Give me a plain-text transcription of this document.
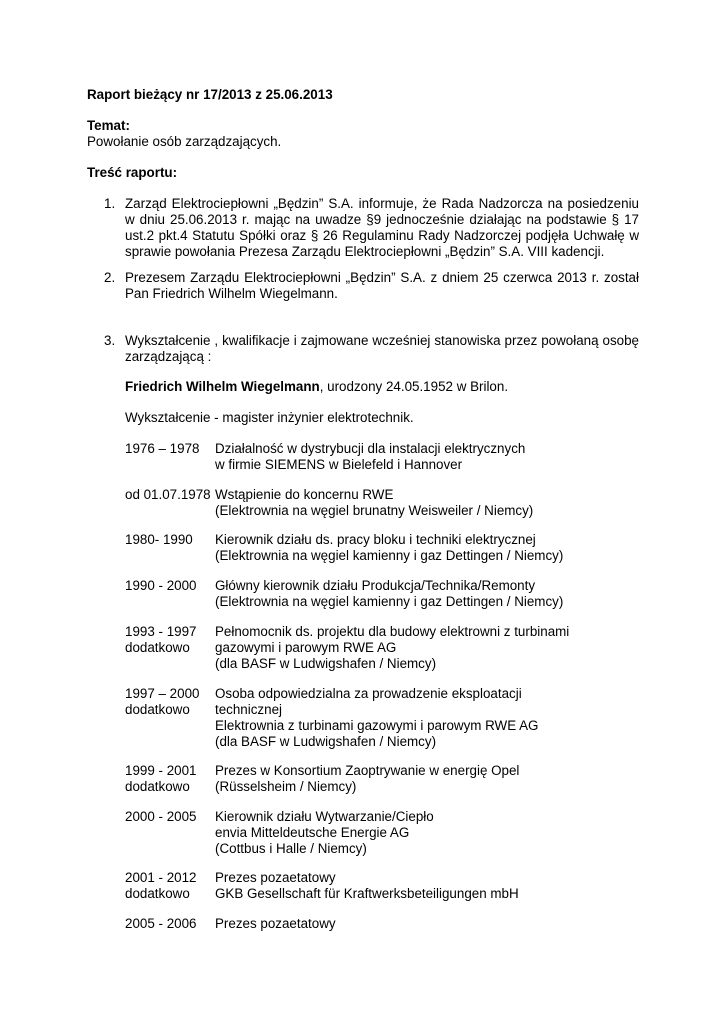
Raport bieżący nr 17/2013 z 25.06.2013
Temat:
Powołanie osób zarządzających.
Treść raportu:
1. Zarząd Elektrociepłowni „Będzin” S.A. informuje, że Rada Nadzorcza na posiedzeniu
w dniu 25.06.2013 r. mając na uwadze §9 jednocześnie działając na podstawie § 17
ust.2 pkt.4 Statutu Spółki oraz § 26 Regulaminu Rady Nadzorczej podjęła Uchwałę w
sprawie powołania Prezesa Zarządu Elektrociepłowni „Będzin” S.A. VIII kadencji.
2. Prezesem Zarządu Elektrociepłowni „Będzin” S.A. z dniem 25 czerwca 2013 r. został
Pan Friedrich Wilhelm Wiegelmann.
3. Wykształcenie , kwalifikacje i zajmowane wcześniej stanowiska przez powołaną osobę
zarządzającą :
Friedrich Wilhelm Wiegelmann, urodzony 24.05.1952 w Brilon.
Wykształcenie - magister inżynier elektrotechnik.
1976 – 1978 Działalność w dystrybucji dla instalacji elektrycznych
w firmie SIEMENS w Bielefeld i Hannover
od 01.07.1978 Wstąpienie do koncernu RWE
(Elektrownia na węgiel brunatny Weisweiler / Niemcy)
1980- 1990 Kierownik działu ds. pracy bloku i techniki elektrycznej
(Elektrownia na węgiel kamienny i gaz Dettingen / Niemcy)
1990 - 2000 Główny kierownik działu Produkcja/Technika/Remonty
(Elektrownia na węgiel kamienny i gaz Dettingen / Niemcy)
1993 - 1997
dodatkowo
Pełnomocnik ds. projektu dla budowy elektrowni z turbinami
gazowymi i parowym RWE AG
(dla BASF w Ludwigshafen / Niemcy)
1997 – 2000
dodatkowo
Osoba odpowiedzialna za prowadzenie eksploatacji
technicznej
Elektrownia z turbinami gazowymi i parowym RWE AG
(dla BASF w Ludwigshafen / Niemcy)
1999 - 2001
dodatkowo
Prezes w Konsortium Zaoptrywanie w energię Opel
(Rüsselsheim / Niemcy)
2000 - 2005 Kierownik działu Wytwarzanie/Ciepło
envia Mitteldeutsche Energie AG
(Cottbus i Halle / Niemcy)
2001 - 2012
dodatkowo
Prezes pozaetatowy
GKB Gesellschaft für Kraftwerksbeteiligungen mbH
2005 - 2006 Prezes pozaetatowy
